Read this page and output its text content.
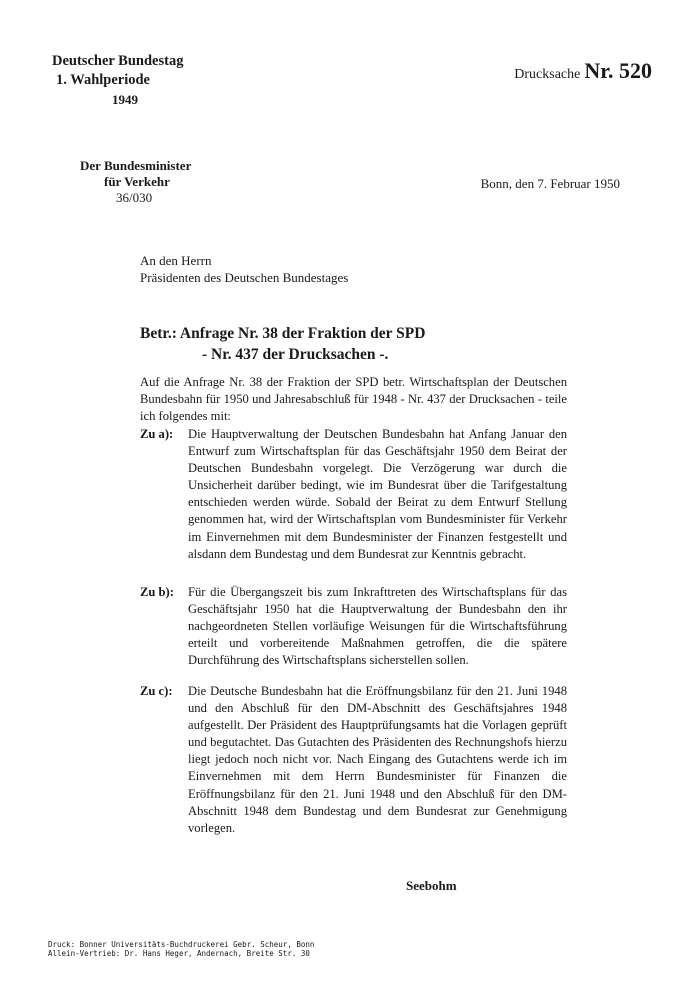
Deutscher Bundestag
1. Wahlperiode
1949
Drucksache Nr. 520
Der Bundesminister
für Verkehr
36/030
Bonn, den 7. Februar 1950
An den Herrn
Präsidenten des Deutschen Bundestages
Betr.: Anfrage Nr. 38 der Fraktion der SPD
- Nr. 437 der Drucksachen -.
Auf die Anfrage Nr. 38 der Fraktion der SPD betr. Wirtschaftsplan der Deutschen Bundesbahn für 1950 und Jahresabschluß für 1948 - Nr. 437 der Drucksachen - teile ich folgendes mit:
Zu a):	Die Hauptverwaltung der Deutschen Bundesbahn hat Anfang Januar den Entwurf zum Wirtschaftsplan für das Geschäftsjahr 1950 dem Beirat der Deutschen Bundesbahn vorgelegt. Die Verzögerung war durch die Unsicherheit darüber bedingt, wie im Bundesrat über die Tarifgestaltung entschieden werden würde. Sobald der Beirat zu dem Entwurf Stellung genommen hat, wird der Wirtschaftsplan vom Bundesminister für Verkehr im Einvernehmen mit dem Bundesminister der Finanzen festgestellt und alsdann dem Bundestag und dem Bundesrat zur Kenntnis gebracht.
Zu b):	Für die Übergangszeit bis zum Inkrafttreten des Wirtschaftsplans für das Geschäftsjahr 1950 hat die Hauptverwaltung der Bundesbahn den ihr nachgeordneten Stellen vorläufige Weisungen für die Wirtschaftsführung erteilt und vorbereitende Maßnahmen getroffen, die die spätere Durchführung des Wirtschaftsplans sicherstellen sollen.
Zu c):	Die Deutsche Bundesbahn hat die Eröffnungsbilanz für den 21. Juni 1948 und den Abschluß für den DM-Abschnitt des Geschäftsjahres 1948 aufgestellt. Der Präsident des Hauptprüfungsamts hat die Vorlagen geprüft und begutachtet. Das Gutachten des Präsidenten des Rechnungshofs hierzu liegt jedoch noch nicht vor. Nach Eingang des Gutachtens werde ich im Einvernehmen mit dem Herrn Bundesminister für Finanzen die Eröffnungsbilanz für den 21. Juni 1948 und den Abschluß für den DM-Abschnitt 1948 dem Bundestag und dem Bundesrat zur Genehmigung vorlegen.
Seebohm
Druck: Bonner Universitäts-Buchdruckerei Gebr. Scheur, Bonn
Allein-Vertrieb: Dr. Hans Heger, Andernach, Breite Str. 30
